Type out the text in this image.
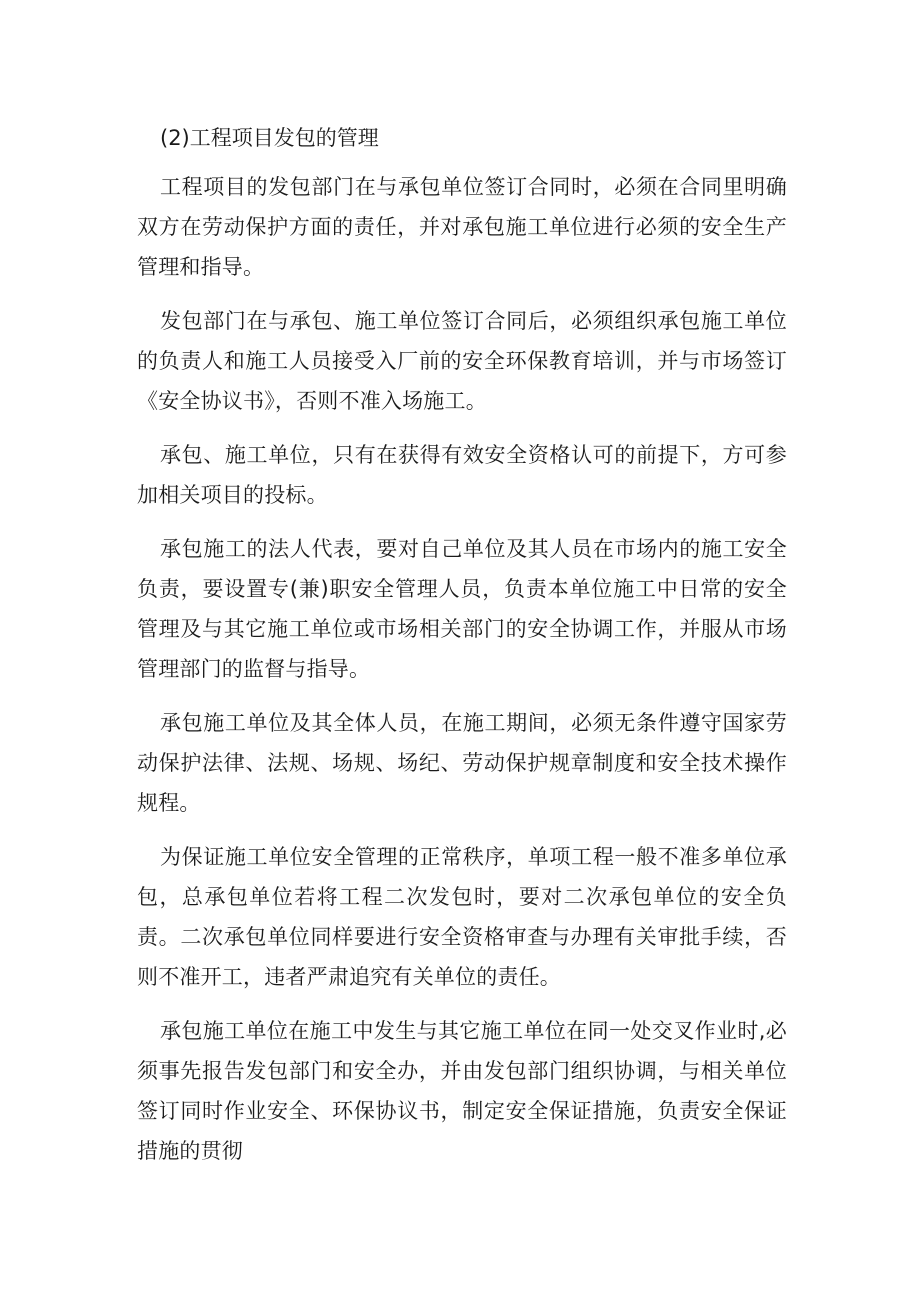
(2)工程项目发包的管理

工程项目的发包部门在与承包单位签订合同时，必须在合同里明确双方在劳动保护方面的责任，并对承包施工单位进行必须的安全生产管理和指导。

发包部门在与承包、施工单位签订合同后，必须组织承包施工单位的负责人和施工人员接受入厂前的安全环保教育培训，并与市场签订《安全协议书》，否则不准入场施工。

承包、施工单位，只有在获得有效安全资格认可的前提下，方可参加相关项目的投标。

承包施工的法人代表，要对自己单位及其人员在市场内的施工安全负责，要设置专(兼)职安全管理人员，负责本单位施工中日常的安全管理及与其它施工单位或市场相关部门的安全协调工作，并服从市场管理部门的监督与指导。

承包施工单位及其全体人员，在施工期间，必须无条件遵守国家劳动保护法律、法规、场规、场纪、劳动保护规章制度和安全技术操作规程。

为保证施工单位安全管理的正常秩序，单项工程一般不准多单位承包，总承包单位若将工程二次发包时，要对二次承包单位的安全负责。二次承包单位同样要进行安全资格审查与办理有关审批手续，否则不准开工，违者严肃追究有关单位的责任。

承包施工单位在施工中发生与其它施工单位在同一处交叉作业时,必须事先报告发包部门和安全办，并由发包部门组织协调，与相关单位签订同时作业安全、环保协议书，制定安全保证措施，负责安全保证措施的贯彻
